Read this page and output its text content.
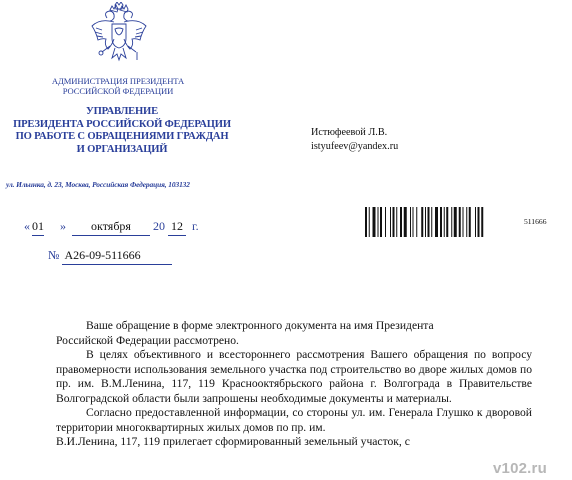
АДМИНИСТРАЦИЯ ПРЕЗИДЕНТА
РОССИЙСКОЙ ФЕДЕРАЦИИ
УПРАВЛЕНИЕ
ПРЕЗИДЕНТА РОССИЙСКОЙ ФЕДЕРАЦИИ
ПО РАБОТЕ С ОБРАЩЕНИЯМИ ГРАЖДАН
И ОРГАНИЗАЦИЙ
ул. Ильинка, д. 23, Москва, Российская Федерация, 103132
Истюфеевой Л.В.
istyufeev@yandex.ru
« 01 »	октября	20 12 г.
№ А26-09-511666
511666

Ваше обращение в форме электронного документа на имя Президента

Российской Федерации рассмотрено.

В целях объективного и всестороннего рассмотрения Вашего обращения по вопросу правомерности использования земельного участка под строительство во дворе жилых домов по пр. им. В.М.Ленина, 117, 119 Краснооктябрьского района г. Волгограда в Правительстве Волгоградской области были запрошены необходимые документы и материалы.

Согласно предоставленной информации, со стороны ул. им. Генерала Глушко к дворовой территории многоквартирных жилых домов по пр. им.

В.И.Ленина, 117, 119 прилегает сформированный земельный участок, с

v102.ru
